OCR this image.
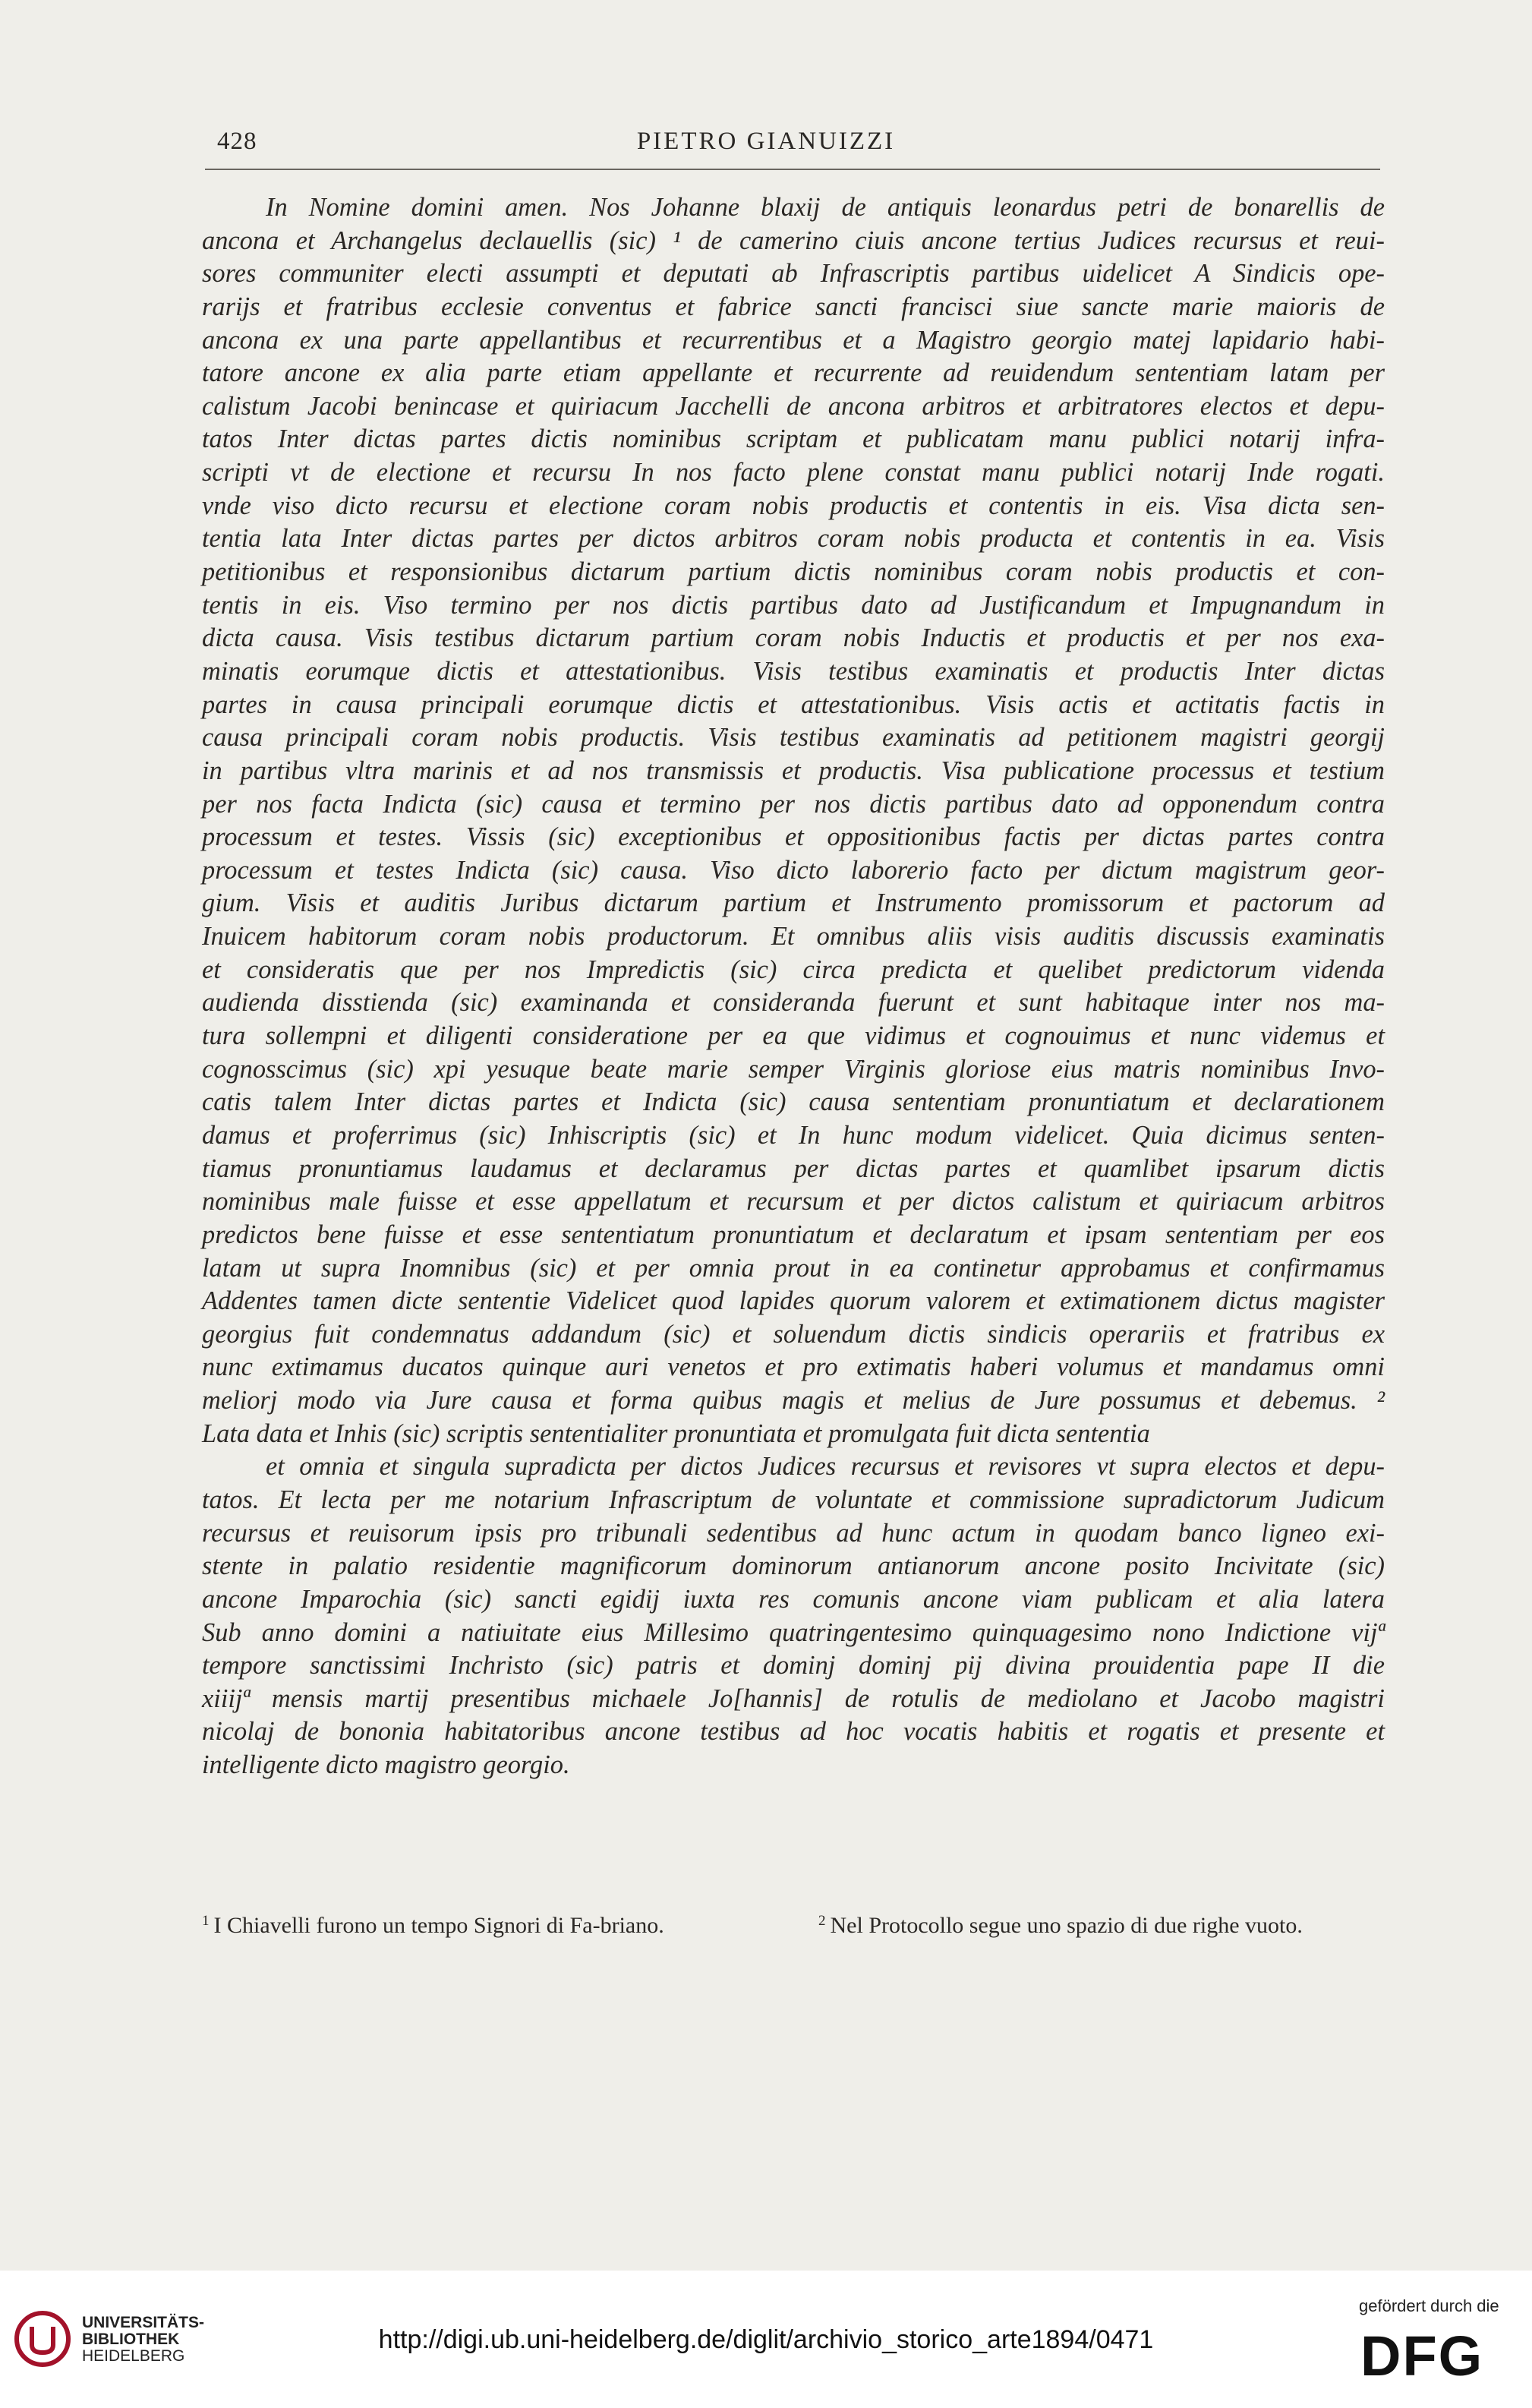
428	PIETRO GIANUIZZI
In Nomine domini amen. Nos Johanne blaxij de antiquis leonardus petri de bonarellis de
ancona et Archangelus declauellis (sic) ¹ de camerino ciuis ancone tertius Judices recursus et reui-
sores communiter electi assumpti et deputati ab Infrascriptis partibus uidelicet A Sindicis ope-
rarijs et fratribus ecclesie conventus et fabrice sancti francisci siue sancte marie maioris de
ancona ex una parte appellantibus et recurrentibus et a Magistro georgio matej lapidario habi-
tatore ancone ex alia parte etiam appellante et recurrente ad reuidendum sententiam latam per
calistum Jacobi benincase et quiriacum Jacchelli de ancona arbitros et arbitratores electos et depu-
tatos Inter dictas partes dictis nominibus scriptam et publicatam manu publici notarij infra-
scripti vt de electione et recursu In nos facto plene constat manu publici notarij Inde rogati.
vnde viso dicto recursu et electione coram nobis productis et contentis in eis. Visa dicta sen-
tentia lata Inter dictas partes per dictos arbitros coram nobis producta et contentis in ea. Visis
petitionibus et responsionibus dictarum partium dictis nominibus coram nobis productis et con-
tentis in eis. Viso termino per nos dictis partibus dato ad Justificandum et Impugnandum in
dicta causa. Visis testibus dictarum partium coram nobis Inductis et productis et per nos exa-
minatis eorumque dictis et attestationibus. Visis testibus examinatis et productis Inter dictas
partes in causa principali eorumque dictis et attestationibus. Visis actis et actitatis factis in
causa principali coram nobis productis. Visis testibus examinatis ad petitionem magistri georgij
in partibus vltra marinis et ad nos transmissis et productis. Visa publicatione processus et testium
per nos facta Indicta (sic) causa et termino per nos dictis partibus dato ad opponendum contra
processum et testes. Vissis (sic) exceptionibus et oppositionibus factis per dictas partes contra
processum et testes Indicta (sic) causa. Viso dicto laborerio facto per dictum magistrum geor-
gium. Visis et auditis Juribus dictarum partium et Instrumento promissorum et pactorum ad
Inuicem habitorum coram nobis productorum. Et omnibus aliis visis auditis discussis examinatis
et consideratis que per nos Impredictis (sic) circa predicta et quelibet predictorum videnda
audienda disstienda (sic) examinanda et consideranda fuerunt et sunt habitaque inter nos ma-
tura sollempni et diligenti consideratione per ea que vidimus et cognouimus et nunc videmus et
cognosscimus (sic) xpi yesuque beate marie semper Virginis gloriose eius matris nominibus Invo-
catis talem Inter dictas partes et Indicta (sic) causa sententiam pronuntiatum et declarationem
damus et proferrimus (sic) Inhiscriptis (sic) et In hunc modum videlicet. Quia dicimus senten-
tiamus pronuntiamus laudamus et declaramus per dictas partes et quamlibet ipsarum dictis
nominibus male fuisse et esse appellatum et recursum et per dictos calistum et quiriacum arbitros
predictos bene fuisse et esse sententiatum pronuntiatum et declaratum et ipsam sententiam per eos
latam ut supra Inomnibus (sic) et per omnia prout in ea continetur approbamus et confirmamus
Addentes tamen dicte sententie Videlicet quod lapides quorum valorem et extimationem dictus magister
georgius fuit condemnatus addandum (sic) et soluendum dictis sindicis operariis et fratribus ex
nunc extimamus ducatos quinque auri venetos et pro extimatis haberi volumus et mandamus omni
meliorj modo via Jure causa et forma quibus magis et melius de Jure possumus et debemus. ²
Lata data et Inhis (sic) scriptis sententialiter pronuntiata et promulgata fuit dicta sententia
et omnia et singula supradicta per dictos Judices recursus et revisores vt supra electos et depu-
tatos. Et lecta per me notarium Infrascriptum de voluntate et commissione supradictorum Judicum
recursus et reuisorum ipsis pro tribunali sedentibus ad hunc actum in quodam banco ligneo exi-
stente in palatio residentie magnificorum dominorum antianorum ancone posito Incivitate (sic)
ancone Imparochia (sic) sancti egidij iuxta res comunis ancone viam publicam et alia latera
Sub anno domini a natiuitate eius Millesimo quatringentesimo quinquagesimo nono Indictione vijª
tempore sanctissimi Inchristo (sic) patris et dominj dominj pij divina prouidentia pape II die
xiiijª mensis martij presentibus michaele Jo[hannis] de rotulis de mediolano et Jacobo magistri
nicolaj de bononia habitatoribus ancone testibus ad hoc vocatis habitis et rogatis et presente et
intelligente dicto magistro georgio.
$^1$ I Chiavelli furono un tempo Signori di Fa-briano.	$^2$ Nel Protocollo segue uno spazio di due righe vuoto.
UNIVERSITÄTS-
BIBLIOTHEK
HEIDELBERG
http://digi.ub.uni-heidelberg.de/diglit/archivio_storico_arte1894/0471
gefördert durch die
DFG
